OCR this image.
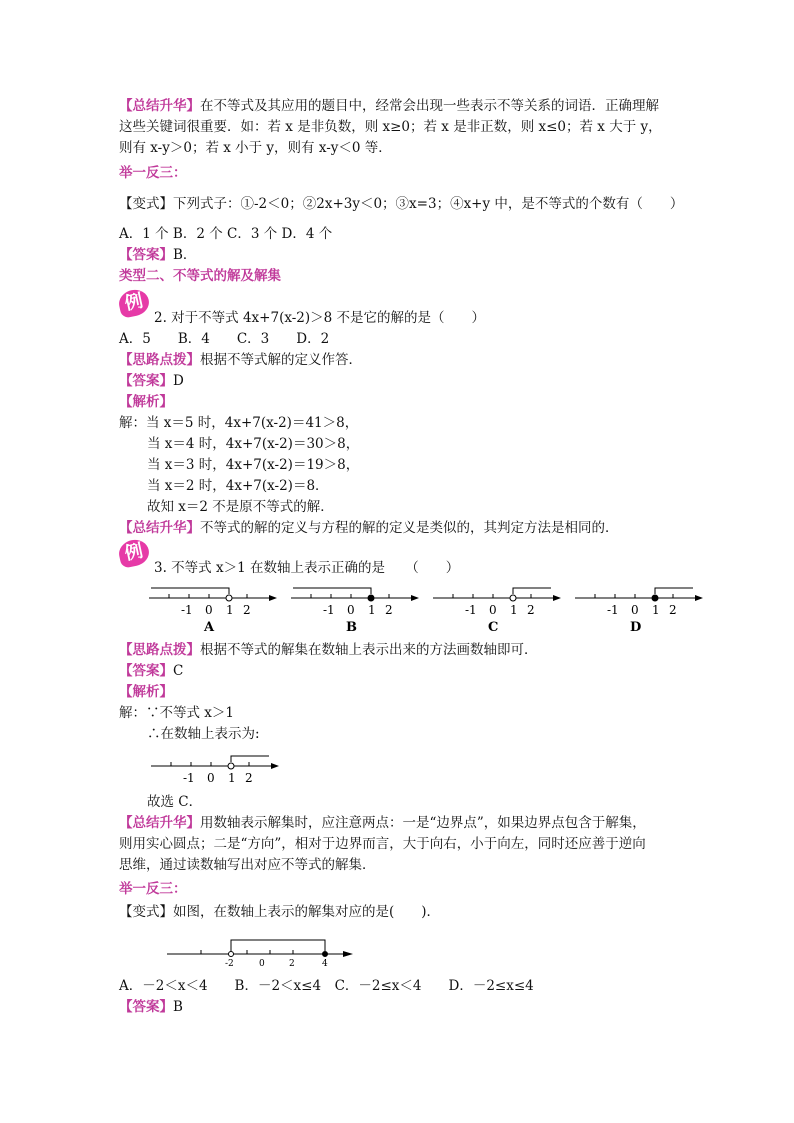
【总结升华】在不等式及其应用的题目中，经常会出现一些表示不等关系的词语．正确理解
这些关键词很重要．如：若 x 是非负数，则 x≥0；若 x 是非正数，则 x≤0；若 x 大于 y，
则有 x-y＞0；若 x 小于 y，则有 x-y＜0 等．
举一反三：
【变式】下列式子：①-2＜0；②2x+3y＜0；③x=3；④x+y 中，是不等式的个数有（　　）
A．1 个 B．2 个 C．3 个 D．4 个
【答案】B．
类型二、不等式的解及解集
例
2. 对于不等式 4x+7(x-2)＞8 不是它的解的是（　　）
A．5　　B．4　　C．3　　D．2
【思路点拨】根据不等式解的定义作答．
【答案】D
【解析】
解：当 x＝5 时，4x+7(x-2)＝41＞8，
当 x＝4 时，4x+7(x-2)＝30＞8，
当 x＝3 时，4x+7(x-2)＝19＞8，
当 x＝2 时，4x+7(x-2)＝8．
故知 x＝2 不是原不等式的解．
【总结升华】不等式的解的定义与方程的解的定义是类似的，其判定方法是相同的．
例
3. 不等式 x＞1 在数轴上表示正确的是　　（　　）
-1 0 1 2
A
-1 0 1 2
B
-1 0 1 2
C
-1 0 1 2
D
【思路点拨】根据不等式的解集在数轴上表示出来的方法画数轴即可．
【答案】C
【解析】
解：∵不等式 x＞1
∴在数轴上表示为:
-1 0 1 2
故选 C．
【总结升华】用数轴表示解集时，应注意两点：一是“边界点”，如果边界点包含于解集，
则用实心圆点；二是“方向”，相对于边界而言，大于向右，小于向左，同时还应善于逆向
思维，通过读数轴写出对应不等式的解集．
举一反三：
【变式】如图，在数轴上表示的解集对应的是(　　)．
-2	0	2	4
A．－2＜x＜4　　B．－2＜x≤4　C．－2≤x＜4　　D．－2≤x≤4
【答案】B
